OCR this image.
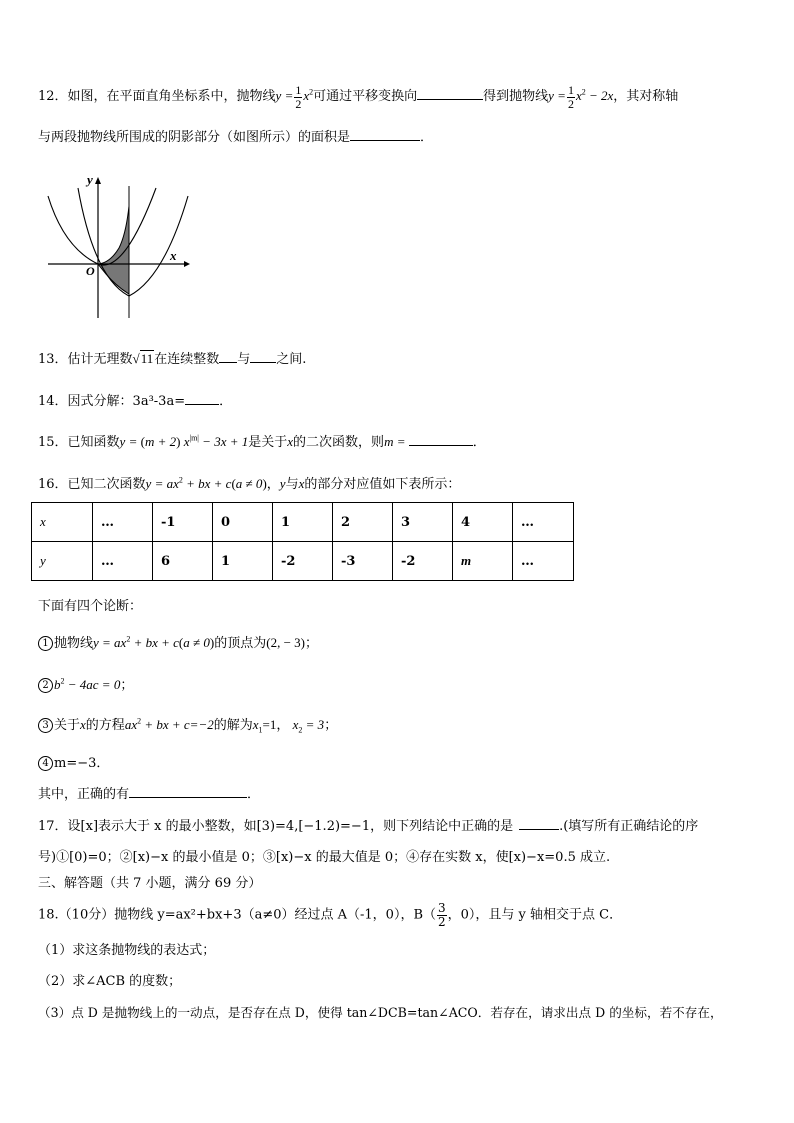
12．如图，在平面直角坐标系中，抛物线$y = \frac{1}{2} x^2$可通过平移变换向	得到抛物线$y = \frac{1}{2} x^2 - 2x$，其对称轴
与两段抛物线所围成的阴影部分（如图所示）的面积是	．
y
x
O
13．估计无理数√11在连续整数 与 之间.
14．因式分解：3a³-3a=	．
15．已知函数y = (m + 2) $x^{|m|} - 3x + 1$是关于x的二次函数，则m =	．
16．已知二次函数$y = ax^2$ + bx + c(a ≠ 0)，y与x的部分对应值如下表所示：
x	…	-1	0	1	2	3	4	…
y	…	6	1	-2	-3	-2	m	…
下面有四个论断：
1 抛物线$y = ax^2$ + bx + c(a ≠ 0)的顶点为(2, − 3)；
2 $b^2 - 4ac = 0$；
3 关于x的方程$ax^2$ + bx + c=−2的解为$x_1=1$， $x_2 = 3$；
4 m=−3．
其中，正确的有	．
17．设[x]表示大于 x 的最小整数，如[3)=4,[−1.2)=−1，则下列结论中正确的是	.(填写所有正确结论的序
号)①[0)=0；②[x)−x 的最小值是 0；③[x)−x 的最大值是 0；④存在实数 x，使[x)−x=0.5 成立.
三、解答题（共 7 小题，满分 69 分）
18.（10分）抛物线 y=ax²+bx+3（a≠0）经过点 A（-1，0），$B( \frac{3}{2}$ ，0），且与 y 轴相交于点 C．
（1）求这条抛物线的表达式；
（2）求∠ACB 的度数；
（3）点 D 是抛物线上的一动点，是否存在点 D，使得 tan∠DCB=tan∠ACO．若存在，请求出点 D 的坐标，若不存在，
